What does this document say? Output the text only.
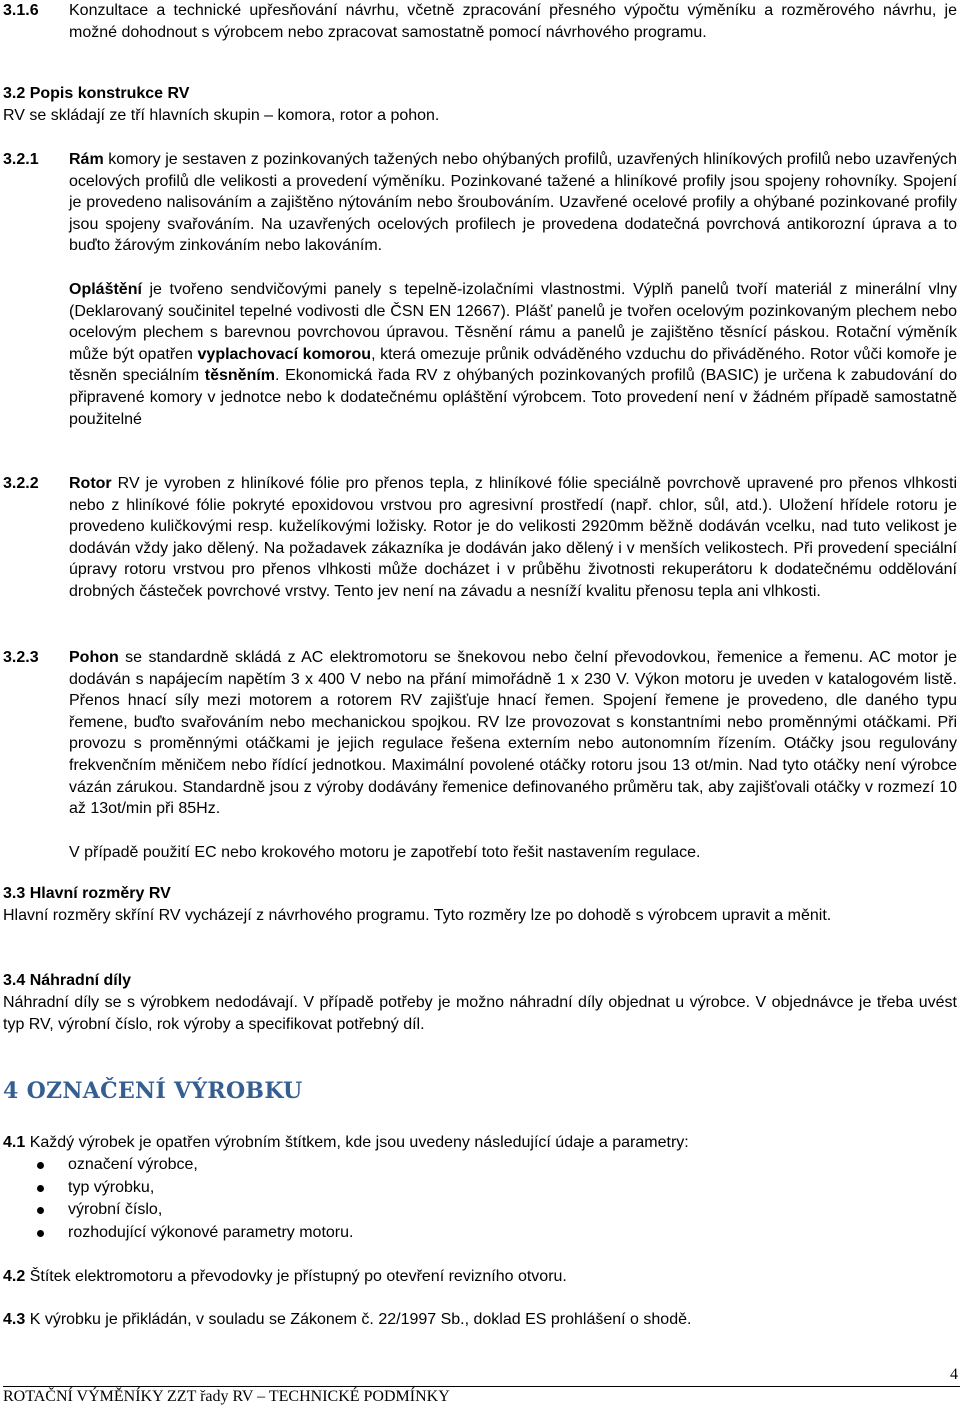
3.1.6 Konzultace a technické upřesňování návrhu, včetně zpracování přesného výpočtu výměníku a rozměrového návrhu, je možné dohodnout s výrobcem nebo zpracovat samostatně pomocí návrhového programu.
3.2 Popis konstrukce RV
RV se skládají ze tří hlavních skupin – komora, rotor a pohon.
3.2.1 Rám komory je sestaven z pozinkovaných tažených nebo ohýbaných profilů, uzavřených hliníkových profilů nebo uzavřených ocelových profilů dle velikosti a provedení výměníku. Pozinkované tažené a hliníkové profily jsou spojeny rohovníky. Spojení je provedeno nalisováním a zajištěno nýtováním nebo šroubováním. Uzavřené ocelové profily a ohýbané pozinkované profily jsou spojeny svařováním. Na uzavřených ocelových profilech je provedena dodatečná povrchová antikorozní úprava a to buďto žárovým zinkováním nebo lakováním.
Opláštění je tvořeno sendvičovými panely s tepelně-izolačními vlastnostmi. Výplň panelů tvoří materiál z minerální vlny (Deklarovaný součinitel tepelné vodivosti dle ČSN EN 12667). Plášť panelů je tvořen ocelovým pozinkovaným plechem nebo ocelovým plechem s barevnou povrchovou úpravou. Těsnění rámu a panelů je zajištěno těsnící páskou. Rotační výměník může být opatřen vyplachovací komorou, která omezuje průnik odváděného vzduchu do přiváděného. Rotor vůči komoře je těsněn speciálním těsněním. Ekonomická řada RV z ohýbaných pozinkovaných profilů (BASIC) je určena k zabudování do připravené komory v jednotce nebo k dodatečnému opláštění výrobcem. Toto provedení není v žádném případě samostatně použitelné
3.2.2 Rotor RV je vyroben z hliníkové fólie pro přenos tepla, z hliníkové fólie speciálně povrchově upravené pro přenos vlhkosti nebo z hliníkové fólie pokryté epoxidovou vrstvou pro agresivní prostředí (např. chlor, sůl, atd.). Uložení hřídele rotoru je provedeno kuličkovými resp. kuželíkovými ložisky. Rotor je do velikosti 2920mm běžně dodáván vcelku, nad tuto velikost je dodáván vždy jako dělený. Na požadavek zákazníka je dodáván jako dělený i v menších velikostech. Při provedení speciální úpravy rotoru vrstvou pro přenos vlhkosti může docházet i v průběhu životnosti rekuperátoru k dodatečnému oddělování drobných částeček povrchové vrstvy. Tento jev není na závadu a nesníží kvalitu přenosu tepla ani vlhkosti.
3.2.3 Pohon se standardně skládá z AC elektromotoru se šnekovou nebo čelní převodovkou, řemenice a řemenu. AC motor je dodáván s napájecím napětím 3 x 400 V nebo na přání mimořádně 1 x 230 V. Výkon motoru je uveden v katalogovém listě. Přenos hnací síly mezi motorem a rotorem RV zajišťuje hnací řemen. Spojení řemene je provedeno, dle daného typu řemene, buďto svařováním nebo mechanickou spojkou. RV lze provozovat s konstantními nebo proměnnými otáčkami. Při provozu s proměnnými otáčkami je jejich regulace řešena externím nebo autonomním řízením. Otáčky jsou regulovány frekvenčním měničem nebo řídící jednotkou. Maximální povolené otáčky rotoru jsou 13 ot/min. Nad tyto otáčky není výrobce vázán zárukou. Standardně jsou z výroby dodávány řemenice definovaného průměru tak, aby zajišťovali otáčky v rozmezí 10 až 13ot/min při 85Hz.
V případě použití EC nebo krokového motoru je zapotřebí toto řešit nastavením regulace.
3.3 Hlavní rozměry RV
Hlavní rozměry skříní RV vycházejí z návrhového programu. Tyto rozměry lze po dohodě s výrobcem upravit a měnit.
3.4 Náhradní díly
Náhradní díly se s výrobkem nedodávají. V případě potřeby je možno náhradní díly objednat u výrobce. V objednávce je třeba uvést typ RV, výrobní číslo, rok výroby a specifikovat potřebný díl.
4 OZNAČENÍ VÝROBKU
4.1 Každý výrobek je opatřen výrobním štítkem, kde jsou uvedeny následující údaje a parametry:
označení výrobce,
typ výrobku,
výrobní číslo,
rozhodující výkonové parametry motoru.
4.2 Štítek elektromotoru a převodovky je přístupný po otevření revizního otvoru.
4.3 K výrobku je přikládán, v souladu se Zákonem č. 22/1997 Sb., doklad ES prohlášení o shodě.
4
ROTAČNÍ VÝMĚNÍKY ZZT řady RV – TECHNICKÉ PODMÍNKY
